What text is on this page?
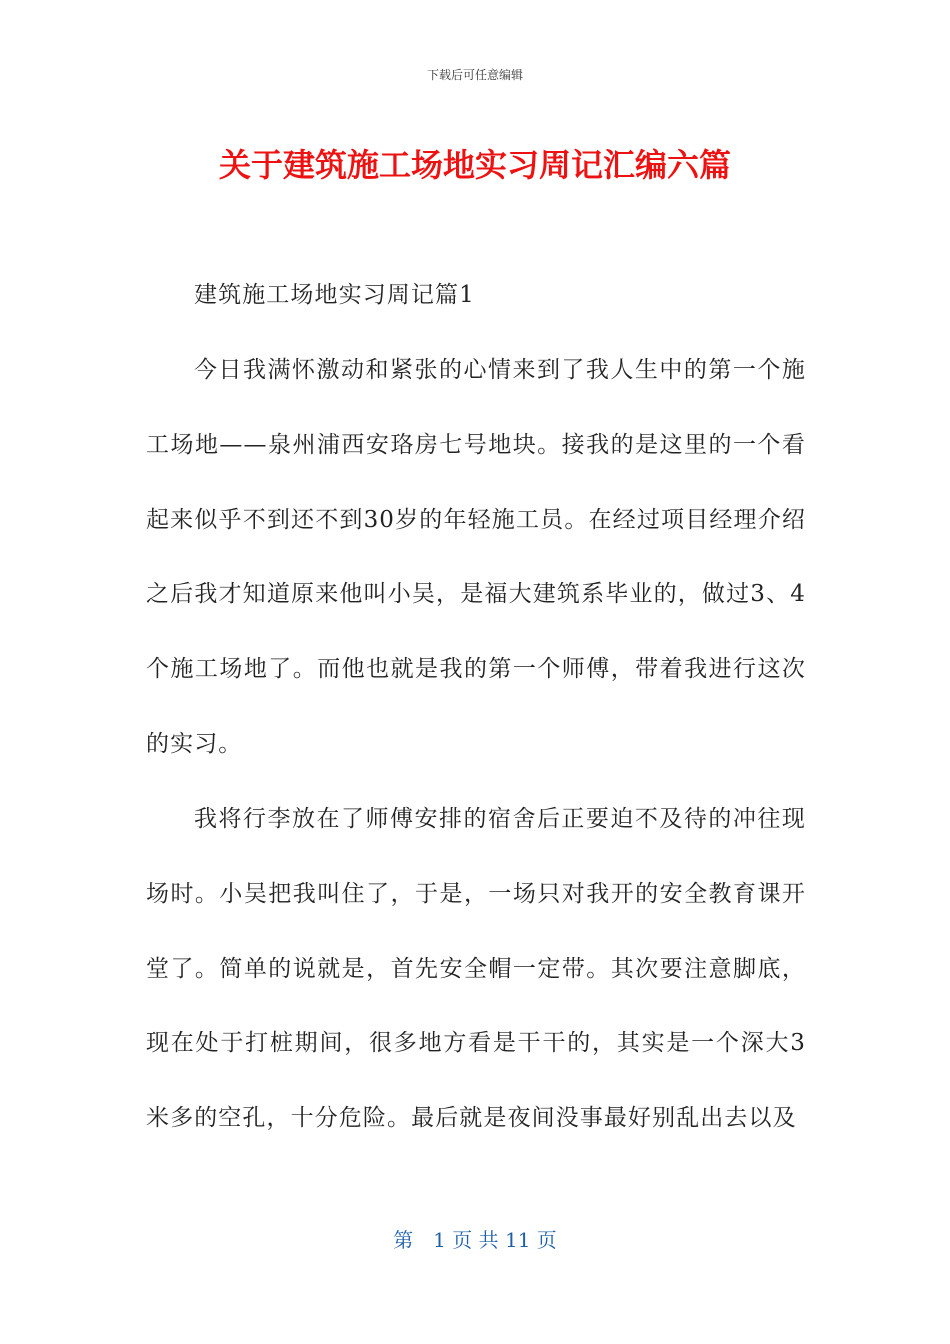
下载后可任意编辑
关于建筑施工场地实习周记汇编六篇
建筑施工场地实习周记篇1

今日我满怀激动和紧张的心情来到了我人生中的第一个施工场地——泉州浦西安珞房七号地块。接我的是这里的一个看起来似乎不到还不到30岁的年轻施工员。在经过项目经理介绍之后我才知道原来他叫小吴，是福大建筑系毕业的，做过3、4个施工场地了。而他也就是我的第一个师傅，带着我进行这次的实习。

我将行李放在了师傅安排的宿舍后正要迫不及待的冲往现场时。小吴把我叫住了，于是，一场只对我开的安全教育课开堂了。简单的说就是，首先安全帽一定带。其次要注意脚底，现在处于打桩期间，很多地方看是干干的，其实是一个深大3米多的空孔，十分危险。最后就是夜间没事最好别乱出去以及

第　1 页 共 11 页
